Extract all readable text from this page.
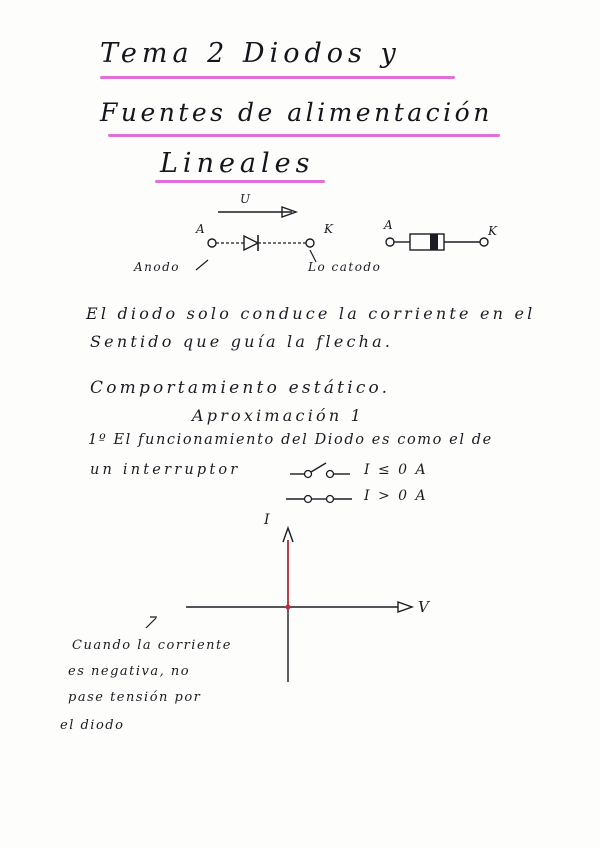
Tema 2 Diodos y
Fuentes de alimentación
Lineales
U
A	K
Anodo	Lo catodo
A	K
El diodo solo conduce la corriente en el
Sentido que guía la flecha.
Comportamiento estático.
Aproximación 1
1º El funcionamiento del Diodo es como el de
un interruptor	I ≤ 0 A
I > 0 A
I
V
Cuando la corriente
es negativa, no
pase tensión por
el diodo
